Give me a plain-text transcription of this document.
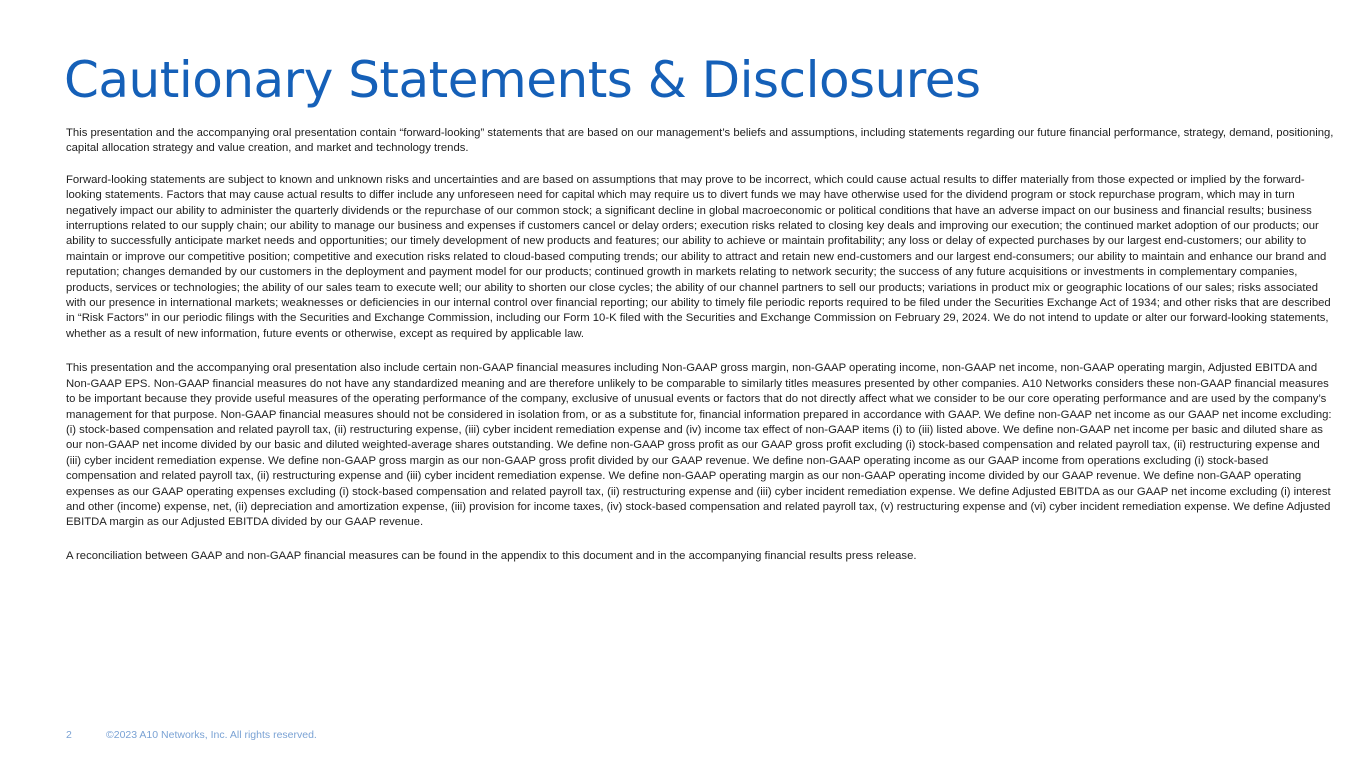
Cautionary Statements & Disclosures

This presentation and the accompanying oral presentation contain “forward-looking” statements that are based on our management’s beliefs and assumptions, including statements regarding our future financial performance, strategy, demand, positioning, capital allocation strategy and value creation, and market and technology trends.

Forward-looking statements are subject to known and unknown risks and uncertainties and are based on assumptions that may prove to be incorrect, which could cause actual results to differ materially from those expected or implied by the forward-looking statements. Factors that may cause actual results to differ include any unforeseen need for capital which may require us to divert funds we may have otherwise used for the dividend program or stock repurchase program, which may in turn negatively impact our ability to administer the quarterly dividends or the repurchase of our common stock; a significant decline in global macroeconomic or political conditions that have an adverse impact on our business and financial results; business interruptions related to our supply chain; our ability to manage our business and expenses if customers cancel or delay orders; execution risks related to closing key deals and improving our execution; the continued market adoption of our products; our ability to successfully anticipate market needs and opportunities; our timely development of new products and features; our ability to achieve or maintain profitability; any loss or delay of expected purchases by our largest end-customers; our ability to maintain or improve our competitive position; competitive and execution risks related to cloud-based computing trends; our ability to attract and retain new end-customers and our largest end-consumers; our ability to maintain and enhance our brand and reputation; changes demanded by our customers in the deployment and payment model for our products; continued growth in markets relating to network security; the success of any future acquisitions or investments in complementary companies, products, services or technologies; the ability of our sales team to execute well; our ability to shorten our close cycles; the ability of our channel partners to sell our products; variations in product mix or geographic locations of our sales; risks associated with our presence in international markets; weaknesses or deficiencies in our internal control over financial reporting; our ability to timely file periodic reports required to be filed under the Securities Exchange Act of 1934; and other risks that are described in “Risk Factors” in our periodic filings with the Securities and Exchange Commission, including our Form 10-K filed with the Securities and Exchange Commission on February 29, 2024. We do not intend to update or alter our forward-looking statements, whether as a result of new information, future events or otherwise, except as required by applicable law.

This presentation and the accompanying oral presentation also include certain non-GAAP financial measures including Non-GAAP gross margin, non-GAAP operating income, non-GAAP net income, non-GAAP operating margin, Adjusted EBITDA and Non-GAAP EPS. Non-GAAP financial measures do not have any standardized meaning and are therefore unlikely to be comparable to similarly titles measures presented by other companies. A10 Networks considers these non-GAAP financial measures to be important because they provide useful measures of the operating performance of the company, exclusive of unusual events or factors that do not directly affect what we consider to be our core operating performance and are used by the company’s management for that purpose. Non-GAAP financial measures should not be considered in isolation from, or as a substitute for, financial information prepared in accordance with GAAP. We define non-GAAP net income as our GAAP net income excluding: (i) stock-based compensation and related payroll tax, (ii) restructuring expense, (iii) cyber incident remediation expense and (iv) income tax effect of non-GAAP items (i) to (iii) listed above. We define non-GAAP net income per basic and diluted share as our non-GAAP net income divided by our basic and diluted weighted-average shares outstanding. We define non-GAAP gross profit as our GAAP gross profit excluding (i) stock-based compensation and related payroll tax, (ii) restructuring expense and (iii) cyber incident remediation expense. We define non-GAAP gross margin as our non-GAAP gross profit divided by our GAAP revenue. We define non-GAAP operating income as our GAAP income from operations excluding (i) stock-based compensation and related payroll tax, (ii) restructuring expense and (iii) cyber incident remediation expense. We define non-GAAP operating margin as our non-GAAP operating income divided by our GAAP revenue. We define non-GAAP operating expenses as our GAAP operating expenses excluding (i) stock-based compensation and related payroll tax, (ii) restructuring expense and (iii) cyber incident remediation expense. We define Adjusted EBITDA as our GAAP net income excluding (i) interest and other (income) expense, net, (ii) depreciation and amortization expense, (iii) provision for income taxes, (iv) stock-based compensation and related payroll tax, (v) restructuring expense and (vi) cyber incident remediation expense. We define Adjusted EBITDA margin as our Adjusted EBITDA divided by our GAAP revenue.

A reconciliation between GAAP and non-GAAP financial measures can be found in the appendix to this document and in the accompanying financial results press release.

2	©2023 A10 Networks, Inc. All rights reserved.
